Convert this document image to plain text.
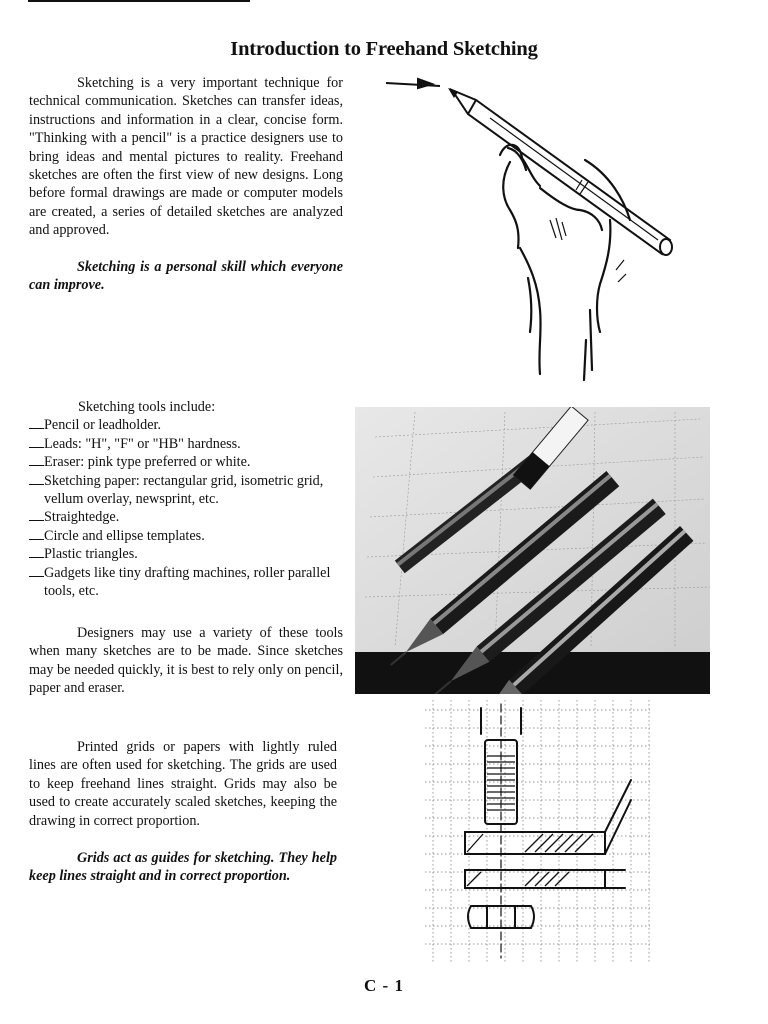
Introduction to Freehand Sketching
Sketching is a very important technique for technical communication. Sketches can transfer ideas, instructions and information in a clear, concise form. "Thinking with a pencil" is a practice designers use to bring ideas and mental pictures to reality. Freehand sketches are often the first view of new designs. Long before formal drawings are made or computer models are created, a series of detailed sketches are analyzed and approved.
Sketching is a personal skill which everyone can improve.
Sketching tools include:
Pencil or leadholder.
Leads: "H", "F" or "HB" hardness.
Eraser: pink type preferred or white.
Sketching paper: rectangular grid, isometric grid, vellum overlay, newsprint, etc.
Straightedge.
Circle and ellipse templates.
Plastic triangles.
Gadgets like tiny drafting machines, roller parallel tools, etc.
Designers may use a variety of these tools when many sketches are to be made. Since sketches may be needed quickly, it is best to rely only on pencil, paper and eraser.
Printed grids or papers with lightly ruled lines are often used for sketching. The grids are used to keep freehand lines straight. Grids may also be used to create accurately scaled sketches, keeping the drawing in correct proportion.
Grids act as guides for sketching. They help keep lines straight and in correct proportion.
C - 1
